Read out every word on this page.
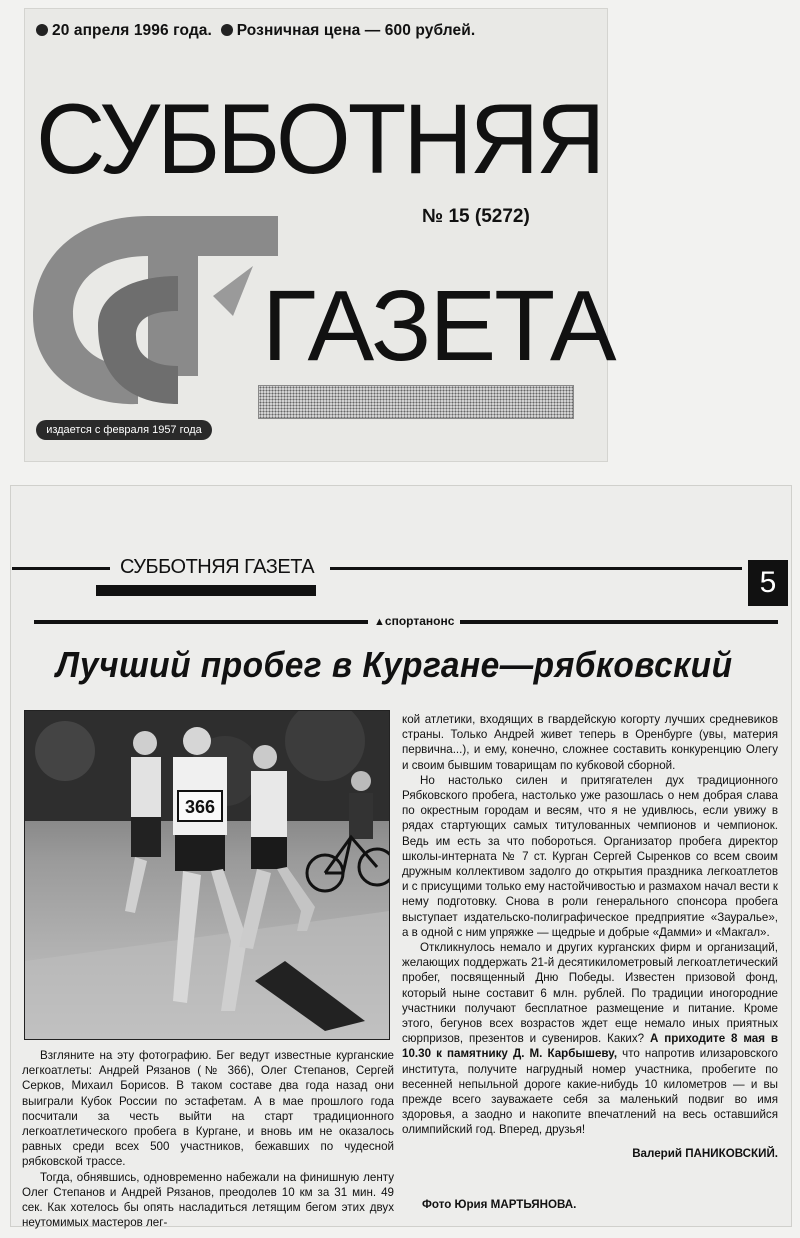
20 апреля 1996 года. Розничная цена — 600 рублей.
СУББОТНЯЯ
№ 15 (5272)
ГАЗЕТА
издается с февраля 1957 года
СУББОТНЯЯ ГАЗЕТА	5
▲спортанонс
Лучший пробег в Кургане—рябковский
366

Взгляните на эту фотографию. Бег ведут известные курганские легкоатлеты: Андрей Рязанов (№ 366), Олег Степанов, Сергей Серков, Михаил Борисов. В таком составе два года назад они выиграли Кубок России по эстафетам. А в мае прошлого года посчитали за честь выйти на старт традиционного легкоатлетического пробега в Кургане, и вновь им не оказалось равных среди всех 500 участников, бежавших по чудесной рябковской трассе.

Тогда, обнявшись, одновременно набежали на финишную ленту Олег Степанов и Андрей Рязанов, преодолев 10 км за 31 мин. 49 сек. Как хотелось бы опять насладиться летящим бегом этих двух неутомимых мастеров лег-

кой атлетики, входящих в гвардейскую когорту лучших средневиков страны. Только Андрей живет теперь в Оренбурге (увы, материя первична...), и ему, конечно, сложнее составить конкуренцию Олегу и своим бывшим товарищам по кубковой сборной.

Но настолько силен и притягателен дух традиционного Рябковского пробега, настолько уже разошлась о нем добрая слава по окрестным городам и весям, что я не удивлюсь, если увижу в рядах стартующих самых титулованных чемпионов и чемпионок. Ведь им есть за что побороться. Организатор пробега директор школы-интерната № 7 ст. Курган Сергей Сыренков со всем своим дружным коллективом задолго до открытия праздника легкоатлетов и с присущими только ему настойчивостью и размахом начал вести к нему подготовку. Снова в роли генерального спонсора пробега выступает издательско-полиграфическое предприятие «Зауралье», а в одной с ним упряжке — щедрые и добрые «Дамми» и «Макгал».

Откликнулось немало и других курганских фирм и организаций, желающих поддержать 21-й десятикилометровый легкоатлетический пробег, посвященный Дню Победы. Известен призовой фонд, который ныне составит 6 млн. рублей. По традиции иногородние участники получают бесплатное размещение и питание. Кроме этого, бегунов всех возрастов ждет еще немало иных приятных сюрпризов, презентов и сувениров. Каких? А приходите 8 мая в 10.30 к памятнику Д. М. Карбышеву, что напротив илизаровского института, получите нагрудный номер участника, пробегите по весенней непыльной дороге какие-нибудь 10 километров — и вы прежде всего зауважаете себя за маленький подвиг во имя здоровья, а заодно и накопите впечатлений на весь оставшийся олимпийский год. Вперед, друзья!

Валерий ПАНИКОВСКИЙ.
Фото Юрия МАРТЬЯНОВА.
